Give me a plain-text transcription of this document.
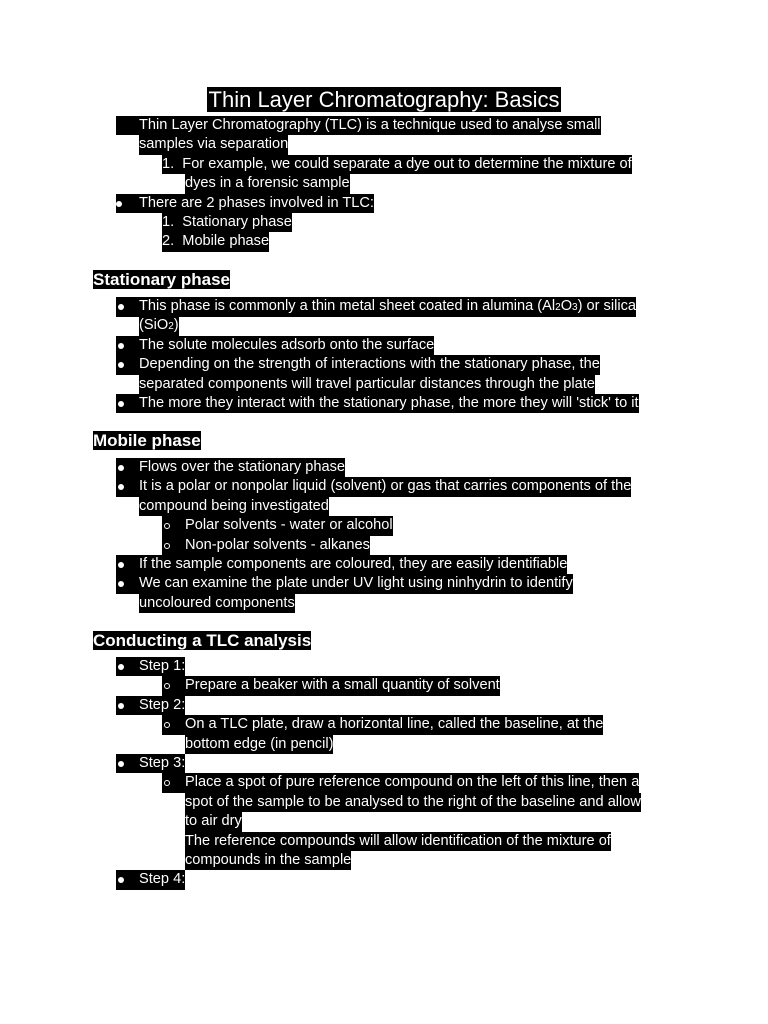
Thin Layer Chromatography: Basics
Thin Layer Chromatography (TLC) is a technique used to analyse small
samples via separation
1. For example, we could separate a dye out to determine the mixture of
dyes in a forensic sample
There are 2 phases involved in TLC:
1. Stationary phase
2. Mobile phase
Stationary phase
This phase is commonly a thin metal sheet coated in alumina (Al2O3) or silica
(SiO2)
The solute molecules adsorb onto the surface
Depending on the strength of interactions with the stationary phase, the
separated components will travel particular distances through the plate
The more they interact with the stationary phase, the more they will 'stick' to it
Mobile phase
Flows over the stationary phase
It is a polar or nonpolar liquid (solvent) or gas that carries components of the
compound being investigated
Polar solvents - water or alcohol
Non-polar solvents - alkanes
If the sample components are coloured, they are easily identifiable
We can examine the plate under UV light using ninhydrin to identify
uncoloured components
Conducting a TLC analysis
Step 1:
Prepare a beaker with a small quantity of solvent
Step 2:
On a TLC plate, draw a horizontal line, called the baseline, at the
bottom edge (in pencil)
Step 3:
Place a spot of pure reference compound on the left of this line, then a
spot of the sample to be analysed to the right of the baseline and allow
to air dry
The reference compounds will allow identification of the mixture of
compounds in the sample
Step 4:
